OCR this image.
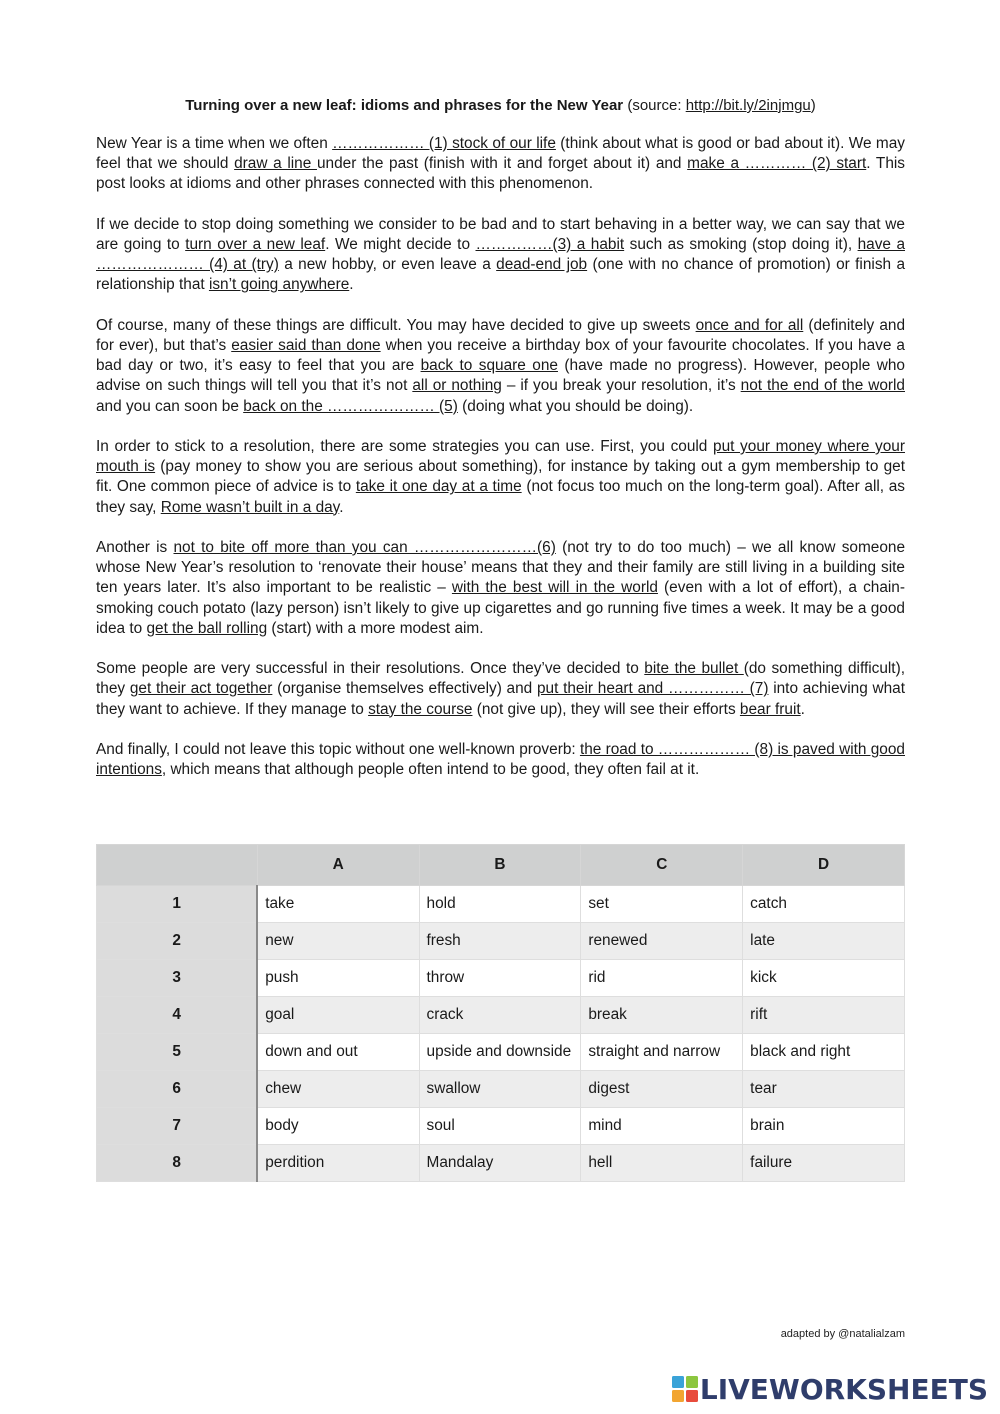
Turning over a new leaf: idioms and phrases for the New Year (source: http://bit.ly/2injmgu)

New Year is a time when we often ……………… (1) stock of our life (think about what is good or bad about it). We may feel that we should draw a line under the past (finish with it and forget about it) and make a ………… (2) start. This post looks at idioms and other phrases connected with this phenomenon.

If we decide to stop doing something we consider to be bad and to start behaving in a better way, we can say that we are going to turn over a new leaf. We might decide to ……………(3) a habit such as smoking (stop doing it), have a ………………… (4) at (try) a new hobby, or even leave a dead-end job (one with no chance of promotion) or finish a relationship that isn’t going anywhere.

Of course, many of these things are difficult. You may have decided to give up sweets once and for all (definitely and for ever), but that’s easier said than done when you receive a birthday box of your favourite chocolates. If you have a bad day or two, it’s easy to feel that you are back to square one (have made no progress). However, people who advise on such things will tell you that it’s not all or nothing – if you break your resolution, it’s not the end of the world and you can soon be back on the ………………… (5) (doing what you should be doing).

In order to stick to a resolution, there are some strategies you can use. First, you could put your money where your mouth is (pay money to show you are serious about something), for instance by taking out a gym membership to get fit. One common piece of advice is to take it one day at a time (not focus too much on the long-term goal). After all, as they say, Rome wasn’t built in a day.

Another is not to bite off more than you can ……………………(6) (not try to do too much) – we all know someone whose New Year’s resolution to ‘renovate their house’ means that they and their family are still living in a building site ten years later. It’s also important to be realistic – with the best will in the world (even with a lot of effort), a chain-smoking couch potato (lazy person) isn’t likely to give up cigarettes and go running five times a week. It may be a good idea to get the ball rolling (start) with a more modest aim.

Some people are very successful in their resolutions. Once they’ve decided to bite the bullet (do something difficult), they get their act together (organise themselves effectively) and put their heart and …………… (7) into achieving what they want to achieve. If they manage to stay the course (not give up), they will see their efforts bear fruit.

And finally, I could not leave this topic without one well-known proverb: the road to ……………… (8) is paved with good intentions, which means that although people often intend to be good, they often fail at it.

	A	B	C	D
1	take	hold	set	catch
2	new	fresh	renewed	late
3	push	throw	rid	kick
4	goal	crack	break	rift
5	down and out	upside and downside	straight and narrow	black and right
6	chew	swallow	digest	tear
7	body	soul	mind	brain
8	perdition	Mandalay	hell	failure
adapted by @natalialzam
LIVEWORKSHEETS
